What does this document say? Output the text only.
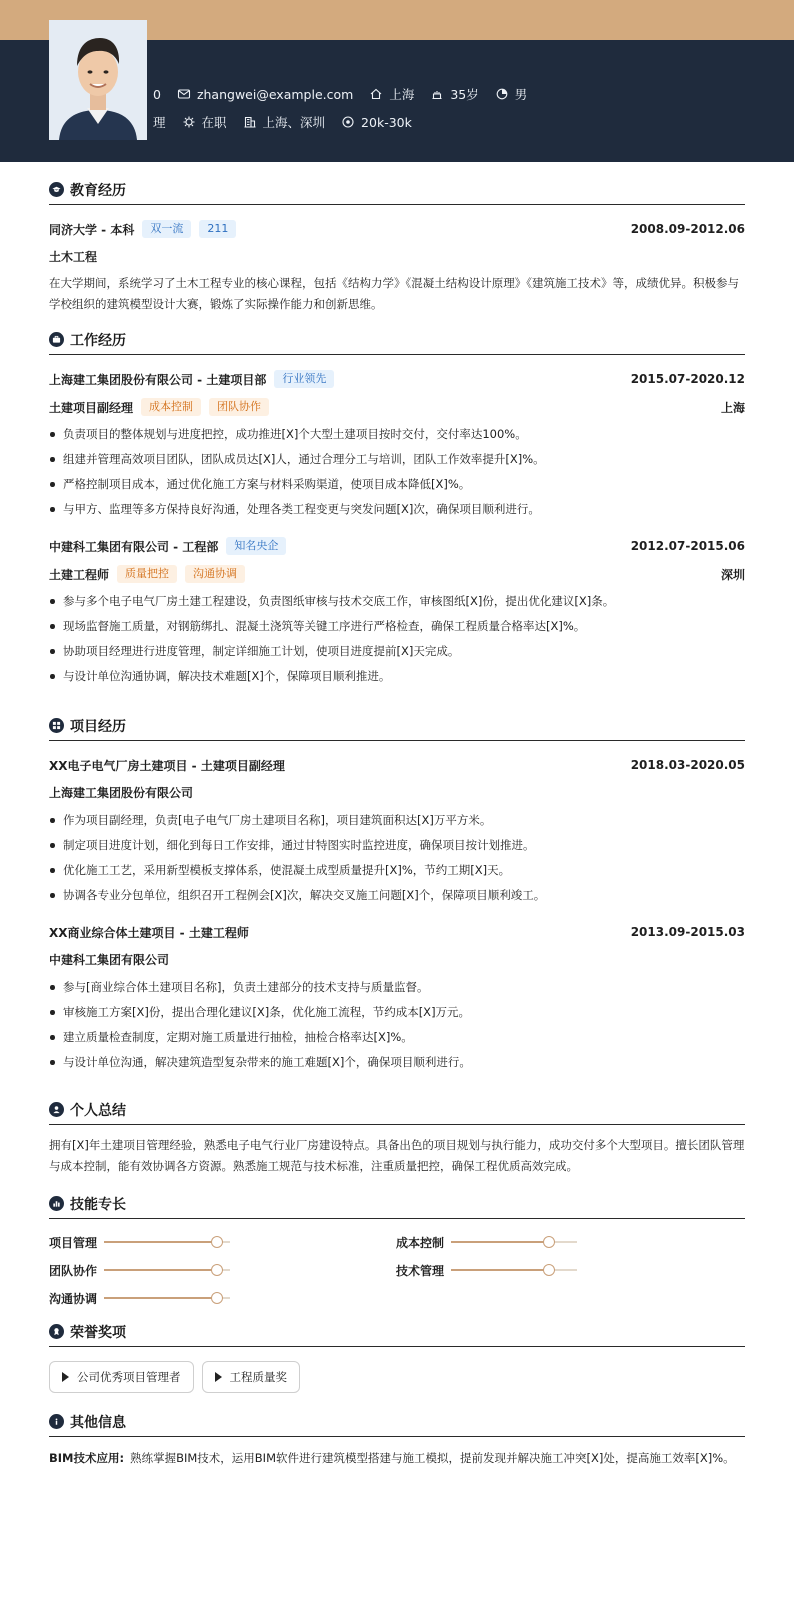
0	zhangwei@example.com	上海	35岁	男
理	在职	上海、深圳	20k-30k
教育经历
同济大学 - 本科	双一流	211	2008.09-2012.06
土木工程
在大学期间，系统学习了土木工程专业的核心课程，包括《结构力学》《混凝土结构设计原理》《建筑施工技术》等，成绩优异。积极参与学校组织的建筑模型设计大赛，锻炼了实际操作能力和创新思维。
工作经历
上海建工集团股份有限公司 - 土建项目部	行业领先	2015.07-2020.12
土建项目副经理	成本控制	团队协作	上海
负责项目的整体规划与进度把控，成功推进[X]个大型土建项目按时交付，交付率达100%。
组建并管理高效项目团队，团队成员达[X]人，通过合理分工与培训，团队工作效率提升[X]%。
严格控制项目成本，通过优化施工方案与材料采购渠道，使项目成本降低[X]%。
与甲方、监理等多方保持良好沟通，处理各类工程变更与突发问题[X]次，确保项目顺利进行。
中建科工集团有限公司 - 工程部	知名央企	2012.07-2015.06
土建工程师	质量把控	沟通协调	深圳
参与多个电子电气厂房土建工程建设，负责图纸审核与技术交底工作，审核图纸[X]份，提出优化建议[X]条。
现场监督施工质量，对钢筋绑扎、混凝土浇筑等关键工序进行严格检查，确保工程质量合格率达[X]%。
协助项目经理进行进度管理，制定详细施工计划，使项目进度提前[X]天完成。
与设计单位沟通协调，解决技术难题[X]个，保障项目顺利推进。
项目经历
XX电子电气厂房土建项目 - 土建项目副经理	2018.03-2020.05
上海建工集团股份有限公司
作为项目副经理，负责[电子电气厂房土建项目名称]，项目建筑面积达[X]万平方米。
制定项目进度计划，细化到每日工作安排，通过甘特图实时监控进度，确保项目按计划推进。
优化施工工艺，采用新型模板支撑体系，使混凝土成型质量提升[X]%，节约工期[X]天。
协调各专业分包单位，组织召开工程例会[X]次，解决交叉施工问题[X]个，保障项目顺利竣工。
XX商业综合体土建项目 - 土建工程师	2013.09-2015.03
中建科工集团有限公司
参与[商业综合体土建项目名称]，负责土建部分的技术支持与质量监督。
审核施工方案[X]份，提出合理化建议[X]条，优化施工流程，节约成本[X]万元。
建立质量检查制度，定期对施工质量进行抽检，抽检合格率达[X]%。
与设计单位沟通，解决建筑造型复杂带来的施工难题[X]个，确保项目顺利进行。
个人总结
拥有[X]年土建项目管理经验，熟悉电子电气行业厂房建设特点。具备出色的项目规划与执行能力，成功交付多个大型项目。擅长团队管理与成本控制，能有效协调各方资源。熟悉施工规范与技术标准，注重质量把控，确保工程优质高效完成。
技能专长
项目管理	成本控制
团队协作	技术管理
沟通协调
荣誉奖项
公司优秀项目管理者	工程质量奖
其他信息
BIM技术应用: 熟练掌握BIM技术，运用BIM软件进行建筑模型搭建与施工模拟，提前发现并解决施工冲突[X]处，提高施工效率[X]%。
